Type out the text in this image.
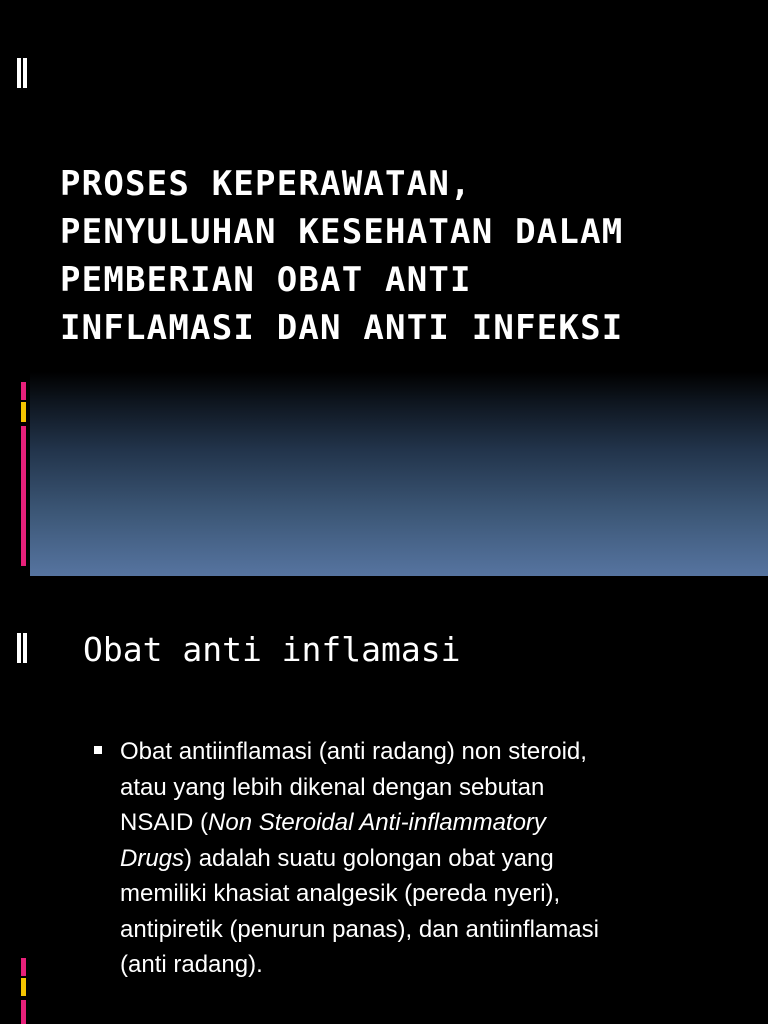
PROSES KEPERAWATAN,
PENYULUHAN KESEHATAN DALAM
PEMBERIAN OBAT ANTI
INFLAMASI DAN ANTI INFEKSI
Obat anti inflamasi
Obat antiinflamasi (anti radang) non steroid,
atau yang lebih dikenal dengan sebutan
NSAID (Non Steroidal Anti-inflammatory
Drugs) adalah suatu golongan obat yang
memiliki khasiat analgesik (pereda nyeri),
antipiretik (penurun panas), dan antiinflamasi
(anti radang).
